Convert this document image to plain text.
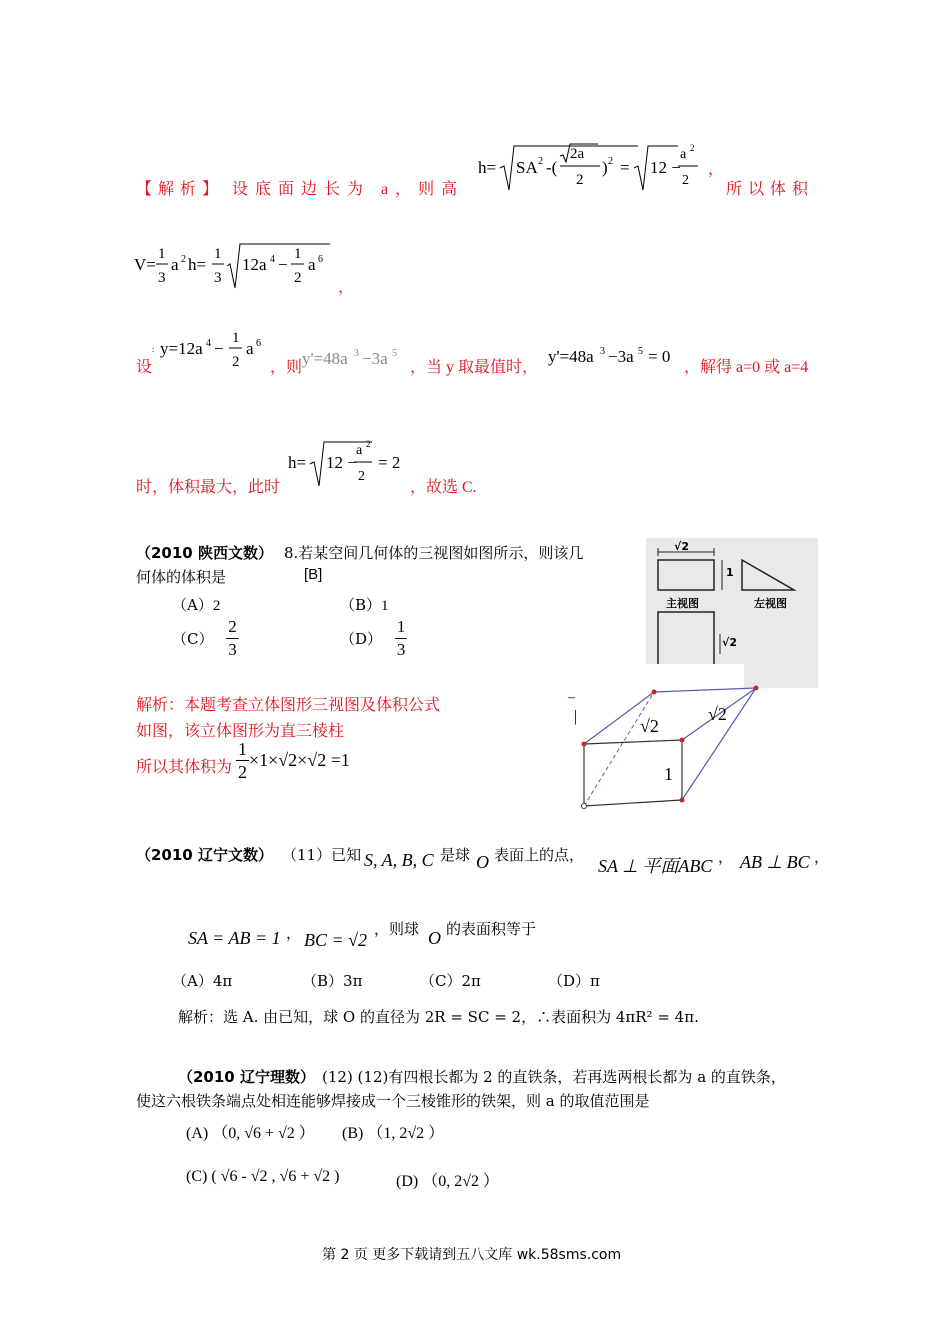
【解析】 设底面边长为 a，则高
h= SA 2 -(
2a
2
) 2 = 12 −
a 2
2
，
所以体积
V=
1
3
a 2 h=
1
3
12a 4 −
1
2
a 6
，
设
: y=12a 4 −
1
2
a 6
，则 y'=48a 3 −3a 5
，当 y 取最值时，
y'=48a 3 −3a 5 = 0
，解得 a=0 或 a=4
时，体积最大，此时
h= 12 −
a 2
2
= 2
，故选 C.
（2010 陕西文数） 8.若某空间几何体的三视图如图所示，则该几
何体的体积是	[B]
（A）2	（B）1
$(C) \frac{2}{3}$	$(D) \frac{1}{3}$
√2
1
主视图	左视图
√2
解析：本题考查立体图形三视图及体积公式
如图，该立体图形为直三棱柱
所以其体积为 $\frac{1}{2} \times 1\times√2\times√2 =1$
–
|	√2
√2
1
（2010 辽宁文数） （11）已知 S, A, B, C 是球 O 表面上的点，
SA ⊥ 平面ABC ， AB ⊥ BC ，
SA = AB = 1 ， BC = √2
，则球 O 的表面积等于
（A）4π	（B）3π	（C）2π	（D）π
解析：选 A. 由已知，球 O 的直径为 2R = SC = 2，∴表面积为 4πR² = 4π.
（2010 辽宁理数） (12) (12)有四根长都为 2 的直铁条，若再选两根长都为 a 的直铁条，
使这六根铁条端点处相连能够焊接成一个三棱锥形的铁架，则 a 的取值范围是
(A) （0, √6 + √2 ） (B) （1, 2√2 ）
(C) ( √6 - √2 , √6 + √2 )	(D) （0, 2√2 ）
第 2 页 更多下载请到五八文库 wk.58sms.com
